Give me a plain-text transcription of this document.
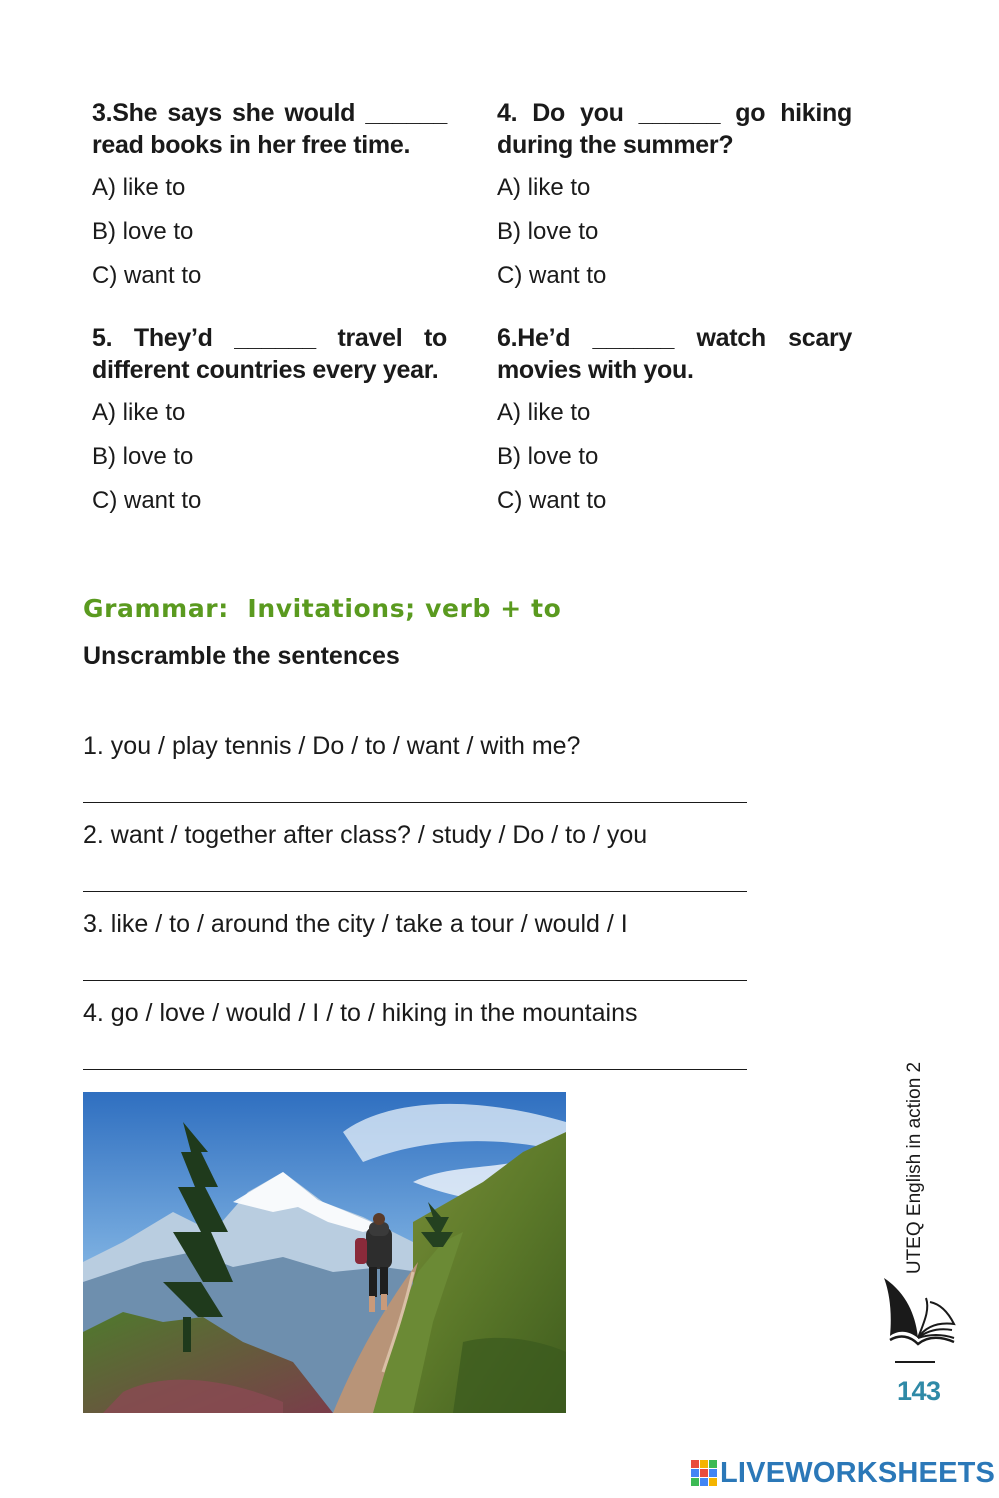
3.She says she would ______ read books in her free time.

A) like to
B) love to
C) want to

4. Do you ______ go hiking during the summer?

A) like to
B) love to
C) want to

5. They’d ______ travel to different countries every year.

A) like to
B) love to
C) want to

6.He’d ______ watch scary movies with you.

A) like to
B) love to
C) want to
Grammar:  Invitations; verb + to

Unscramble the sentences

1. you / play tennis / Do / to / want / with me?
2. want / together after class? / study / Do / to / you
3. like / to / around the city / take a tour / would / I
4. go / love / would / I / to / hiking in the mountains
UTEQ English in action 2
143
LIVEWORKSHEETS
